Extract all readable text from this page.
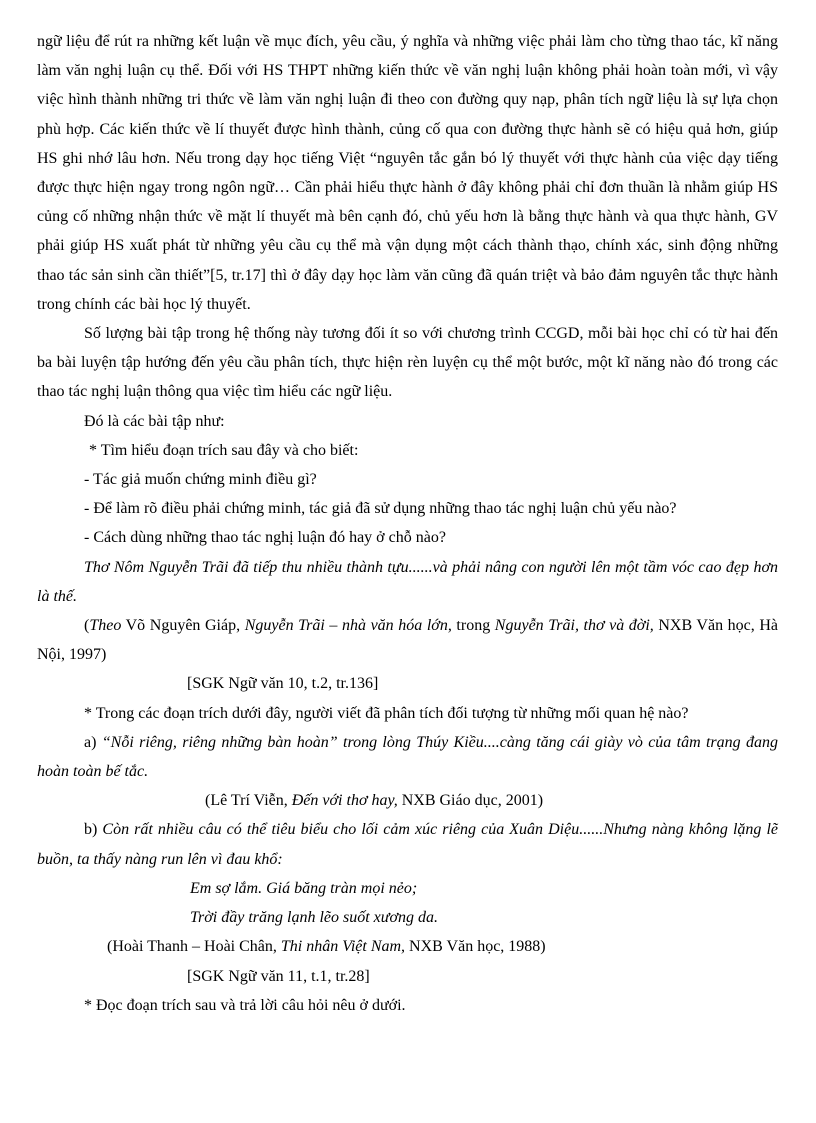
ngữ liệu để rút ra những kết luận về mục đích, yêu cầu, ý nghĩa và những việc phải làm cho từng thao tác, kĩ năng làm văn nghị luận cụ thể. Đối với HS THPT những kiến thức về văn nghị luận không phải hoàn toàn mới, vì vậy việc hình thành những tri thức về làm văn nghị luận đi theo con đường quy nạp, phân tích ngữ liệu là sự lựa chọn phù hợp. Các kiến thức về lí thuyết được hình thành, củng cố qua con đường thực hành sẽ có hiệu quả hơn, giúp HS ghi nhớ lâu hơn. Nếu trong dạy học tiếng Việt “nguyên tắc gắn bó lý thuyết với thực hành của việc dạy tiếng được thực hiện ngay trong ngôn ngữ… Cần phải hiểu thực hành ở đây không phải chỉ đơn thuần là nhằm giúp HS củng cố những nhận thức về mặt lí thuyết mà bên cạnh đó, chủ yếu hơn là bằng thực hành và qua thực hành, GV phải giúp HS xuất phát từ những yêu cầu cụ thể mà vận dụng một cách thành thạo, chính xác, sinh động những thao tác sản sinh cần thiết”[5, tr.17] thì ở đây dạy học làm văn cũng đã quán triệt và bảo đảm nguyên tắc thực hành trong chính các bài học lý thuyết.

Số lượng bài tập trong hệ thống này tương đối ít so với chương trình CCGD, mỗi bài học chỉ có từ hai đến ba bài luyện tập hướng đến yêu cầu phân tích, thực hiện rèn luyện cụ thể một bước, một kĩ năng nào đó trong các thao tác nghị luận thông qua việc tìm hiểu các ngữ liệu.

Đó là các bài tập như:

* Tìm hiểu đoạn trích sau đây và cho biết:

- Tác giả muốn chứng minh điều gì?

- Để làm rõ điều phải chứng minh, tác giả đã sử dụng những thao tác nghị luận chủ yếu nào?

- Cách dùng những thao tác nghị luận đó hay ở chỗ nào?

Thơ Nôm Nguyễn Trãi đã tiếp thu nhiều thành tựu......và phải nâng con người lên một tầm vóc cao đẹp hơn là thế.

(Theo Võ Nguyên Giáp, Nguyễn Trãi – nhà văn hóa lớn, trong Nguyễn Trãi, thơ và đời, NXB Văn học, Hà Nội, 1997)

[SGK Ngữ văn 10, t.2, tr.136]

* Trong các đoạn trích dưới đây, người viết đã phân tích đối tượng từ những mối quan hệ nào?

a) “Nỗi riêng, riêng những bàn hoàn” trong lòng Thúy Kiều....càng tăng cái giày vò của tâm trạng đang hoàn toàn bế tắc.

(Lê Trí Viễn, Đến với thơ hay, NXB Giáo dục, 2001)

b) Còn rất nhiều câu có thể tiêu biểu cho lối cảm xúc riêng của Xuân Diệu......Nhưng nàng không lặng lẽ buồn, ta thấy nàng run lên vì đau khổ:

Em sợ lắm. Giá băng tràn mọi nẻo;

Trời đầy trăng lạnh lẽo suốt xương da.

(Hoài Thanh – Hoài Chân, Thi nhân Việt Nam, NXB Văn học, 1988)

[SGK Ngữ văn 11, t.1, tr.28]

* Đọc đoạn trích sau và trả lời câu hỏi nêu ở dưới.
